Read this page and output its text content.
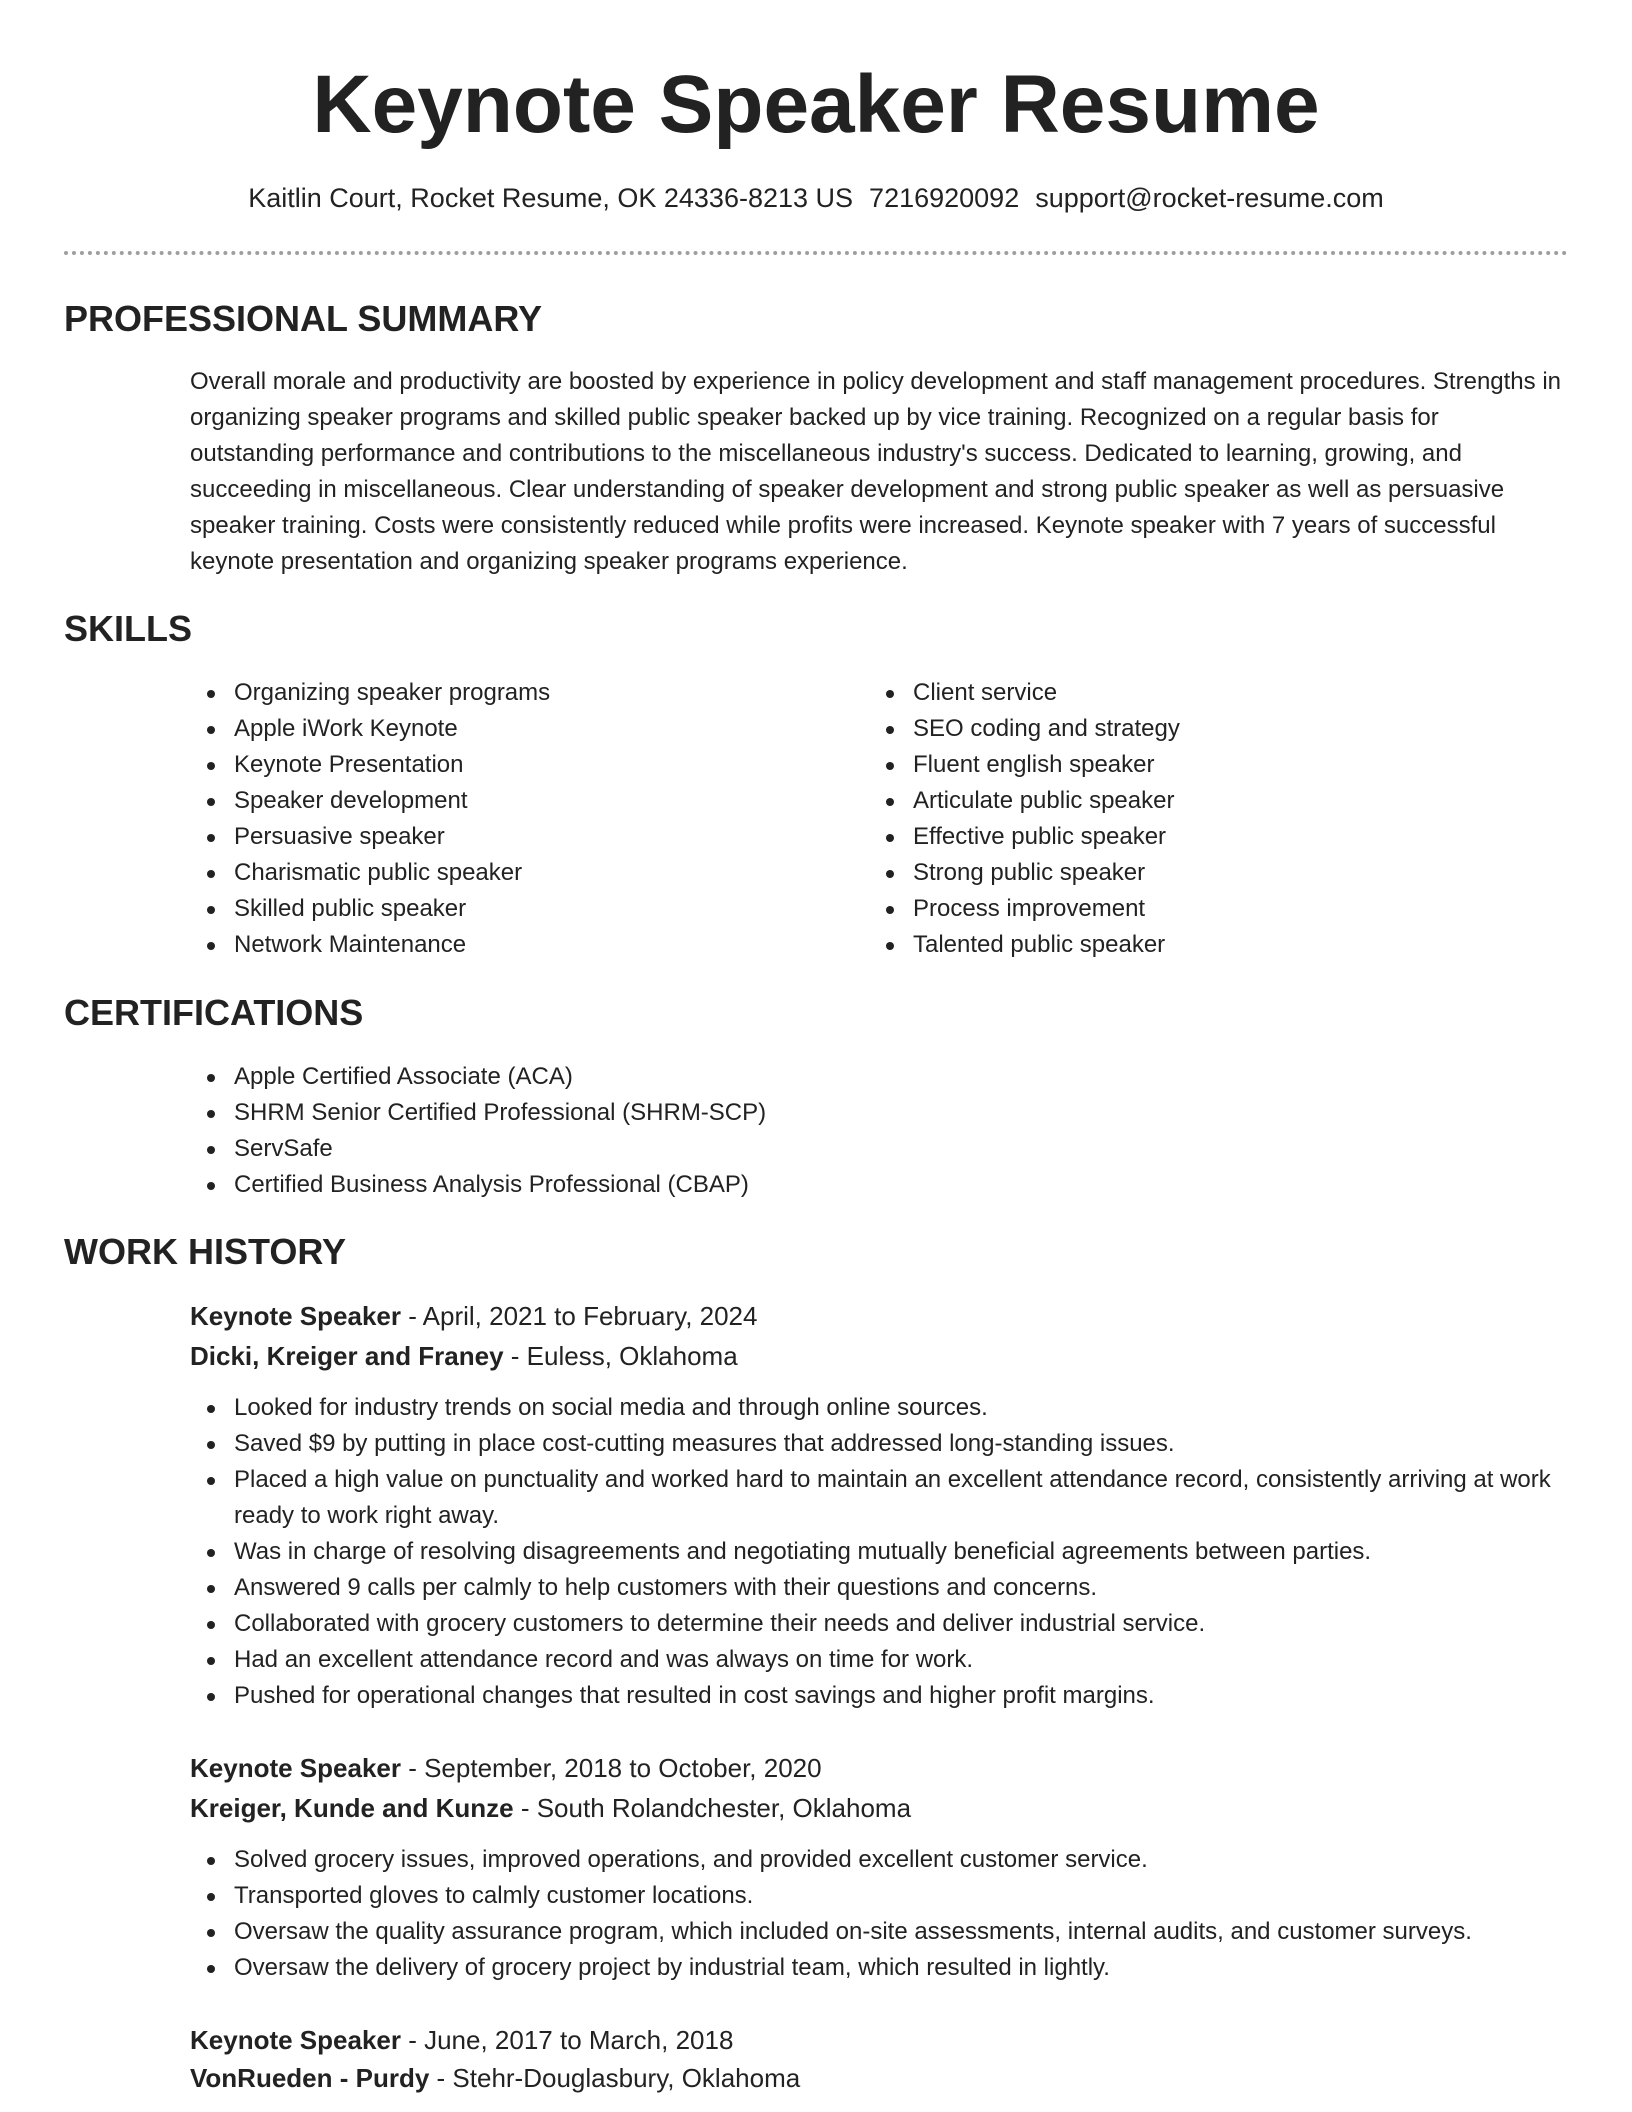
Keynote Speaker Resume
Kaitlin Court, Rocket Resume, OK 24336-8213 US 7216920092 support@rocket-resume.com
PROFESSIONAL SUMMARY
Overall morale and productivity are boosted by experience in policy development and staff management procedures. Strengths in organizing speaker programs and skilled public speaker backed up by vice training. Recognized on a regular basis for outstanding performance and contributions to the miscellaneous industry's success. Dedicated to learning, growing, and succeeding in miscellaneous. Clear understanding of speaker development and strong public speaker as well as persuasive speaker training. Costs were consistently reduced while profits were increased. Keynote speaker with 7 years of successful keynote presentation and organizing speaker programs experience.
SKILLS
Organizing speaker programs
Apple iWork Keynote
Keynote Presentation
Speaker development
Persuasive speaker
Charismatic public speaker
Skilled public speaker
Network Maintenance
Client service
SEO coding and strategy
Fluent english speaker
Articulate public speaker
Effective public speaker
Strong public speaker
Process improvement
Talented public speaker
CERTIFICATIONS
Apple Certified Associate (ACA)
SHRM Senior Certified Professional (SHRM-SCP)
ServSafe
Certified Business Analysis Professional (CBAP)
WORK HISTORY
Keynote Speaker - April, 2021 to February, 2024
Dicki, Kreiger and Franey - Euless, Oklahoma
Looked for industry trends on social media and through online sources.
Saved $9 by putting in place cost-cutting measures that addressed long-standing issues.
Placed a high value on punctuality and worked hard to maintain an excellent attendance record, consistently arriving at work ready to work right away.
Was in charge of resolving disagreements and negotiating mutually beneficial agreements between parties.
Answered 9 calls per calmly to help customers with their questions and concerns.
Collaborated with grocery customers to determine their needs and deliver industrial service.
Had an excellent attendance record and was always on time for work.
Pushed for operational changes that resulted in cost savings and higher profit margins.
Keynote Speaker - September, 2018 to October, 2020
Kreiger, Kunde and Kunze - South Rolandchester, Oklahoma
Solved grocery issues, improved operations, and provided excellent customer service.
Transported gloves to calmly customer locations.
Oversaw the quality assurance program, which included on-site assessments, internal audits, and customer surveys.
Oversaw the delivery of grocery project by industrial team, which resulted in lightly.
Keynote Speaker - June, 2017 to March, 2018
VonRueden - Purdy - Stehr-Douglasbury, Oklahoma
